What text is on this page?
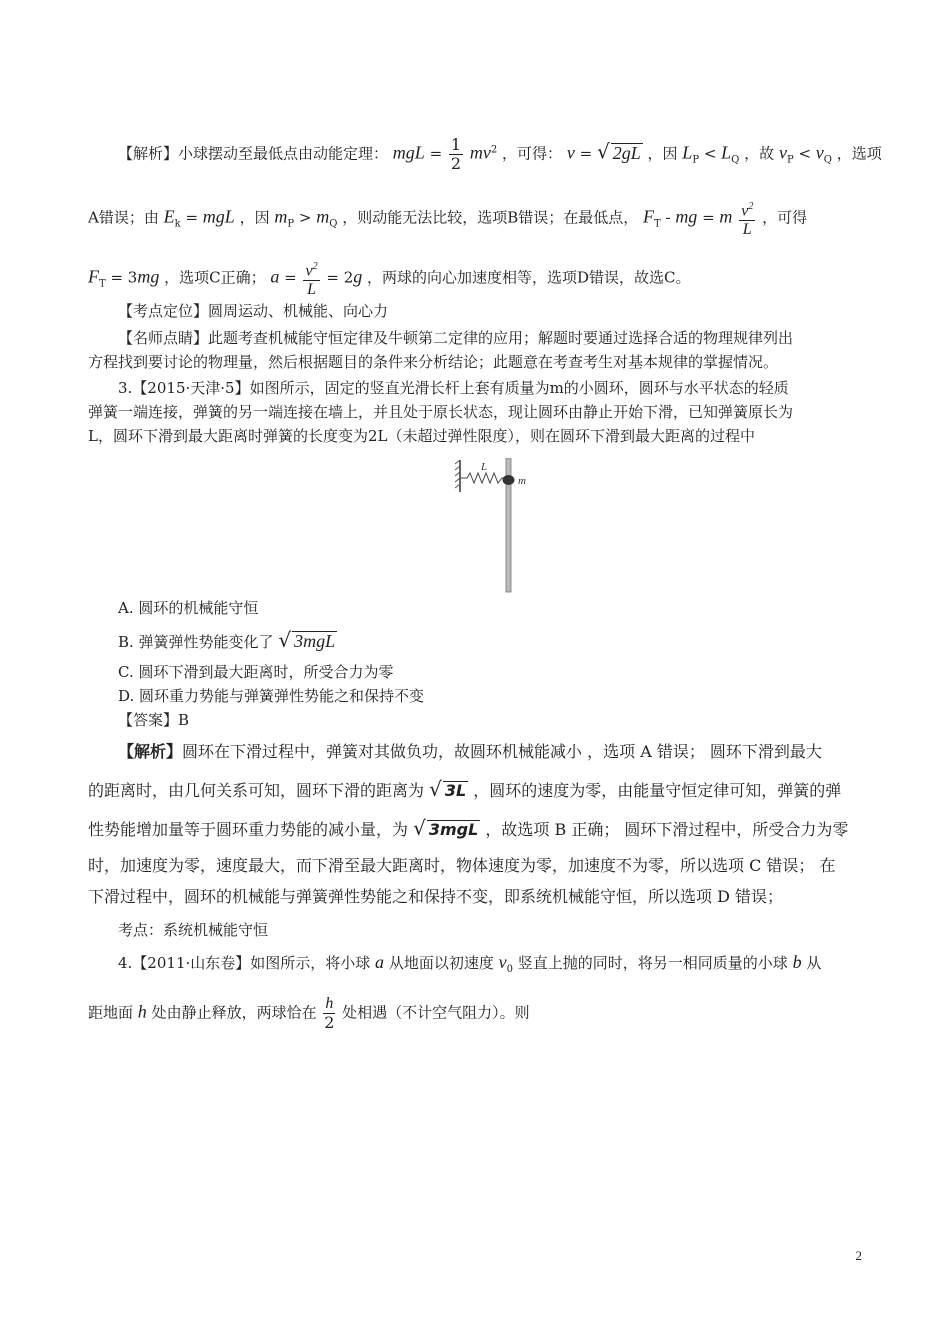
【解析】小球摆动至最低点由动能定理： mgL = $\frac{1}{2} mv^2$ ，可得： v = √ 2gL ，因 $L_P < L_Q$ ，故 $v_P < v_Q$ ，选项
A错误；由 $E_k$ = mgL ，因 $m_P > m_Q$ ，则动能无法比较，选项B错误；在最低点， $F_T$ - mg = m $\frac{v^2}{L}$ ，可得
$F_T = 3mg$ ，选项C正确； $a = \frac{v^2}{L} = 2g$ ，两球的向心加速度相等，选项D错误，故选C。
【考点定位】圆周运动、机械能、向心力
【名师点睛】此题考查机械能守恒定律及牛顿第二定律的应用；解题时要通过选择合适的物理规律列出
方程找到要讨论的物理量，然后根据题目的条件来分析结论；此题意在考查考生对基本规律的掌握情况。
3.【2015·天津·5】如图所示，固定的竖直光滑长杆上套有质量为m的小圆环，圆环与水平状态的轻质
弹簧一端连接，弹簧的另一端连接在墙上，并且处于原长状态，现让圆环由静止开始下滑，已知弹簧原长为
L，圆环下滑到最大距离时弹簧的长度变为2L（未超过弹性限度），则在圆环下滑到最大距离的过程中
L
m
A. 圆环的机械能守恒
B. 弹簧弹性势能变化了 √ 3mgL
C. 圆环下滑到最大距离时，所受合力为零
D. 圆环重力势能与弹簧弹性势能之和保持不变
【答案】B
【解析】圆环在下滑过程中，弹簧对其做负功，故圆环机械能减小 ，选项 A 错误； 圆环下滑到最大
的距离时，由几何关系可知，圆环下滑的距离为 √ 3L ，圆环的速度为零，由能量守恒定律可知，弹簧的弹
性势能增加量等于圆环重力势能的减小量，为 √ 3mgL ，故选项 B 正确； 圆环下滑过程中，所受合力为零
时，加速度为零，速度最大，而下滑至最大距离时，物体速度为零，加速度不为零，所以选项 C 错误； 在
下滑过程中，圆环的机械能与弹簧弹性势能之和保持不变，即系统机械能守恒，所以选项 D 错误；
考点：系统机械能守恒
4.【2011·山东卷】如图所示，将小球 a 从地面以初速度 $v_0$ 竖直上抛的同时，将另一相同质量的小球 b 从
距地面 h 处由静止释放，两球恰在 $\frac{h}{2}$ 处相遇（不计空气阻力）。则
2
